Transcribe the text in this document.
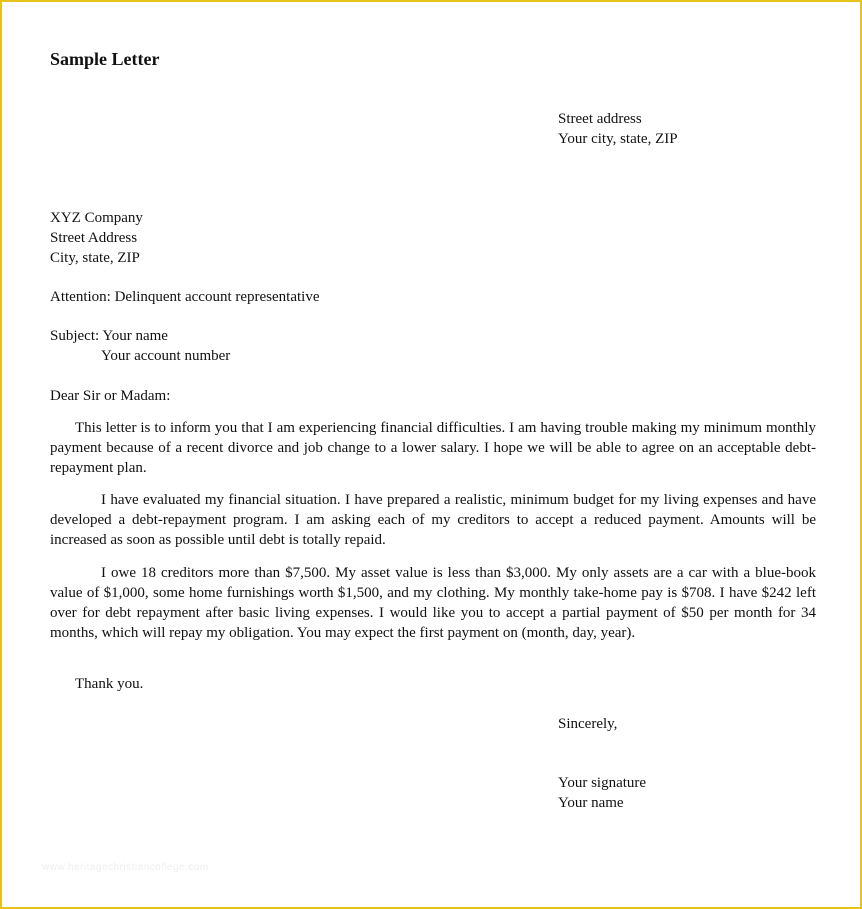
Sample Letter
Street address
Your city, state, ZIP
XYZ Company
Street Address
City, state, ZIP

Attention: Delinquent account representative

Subject: Your name
Your account number

Dear Sir or Madam:

This letter is to inform you that I am experiencing financial difficulties. I am having trouble making my minimum monthly payment because of a recent divorce and job change to a lower salary. I hope we will be able to agree on an acceptable debt-repayment plan.

I have evaluated my financial situation. I have prepared a realistic, minimum budget for my living expenses and have developed a debt-repayment program. I am asking each of my creditors to accept a reduced payment. Amounts will be increased as soon as possible until debt is totally repaid.

I owe 18 creditors more than $7,500. My asset value is less than $3,000. My only assets are a car with a blue-book value of $1,000, some home furnishings worth $1,500, and my clothing. My monthly take-home pay is $708. I have $242 left over for debt repayment after basic living expenses. I would like you to accept a partial payment of $50 per month for 34 months, which will repay my obligation. You may expect the first payment on (month, day, year).

Thank you.

Sincerely,

Your signature
Your name
www.heritagechristiancollege.com
